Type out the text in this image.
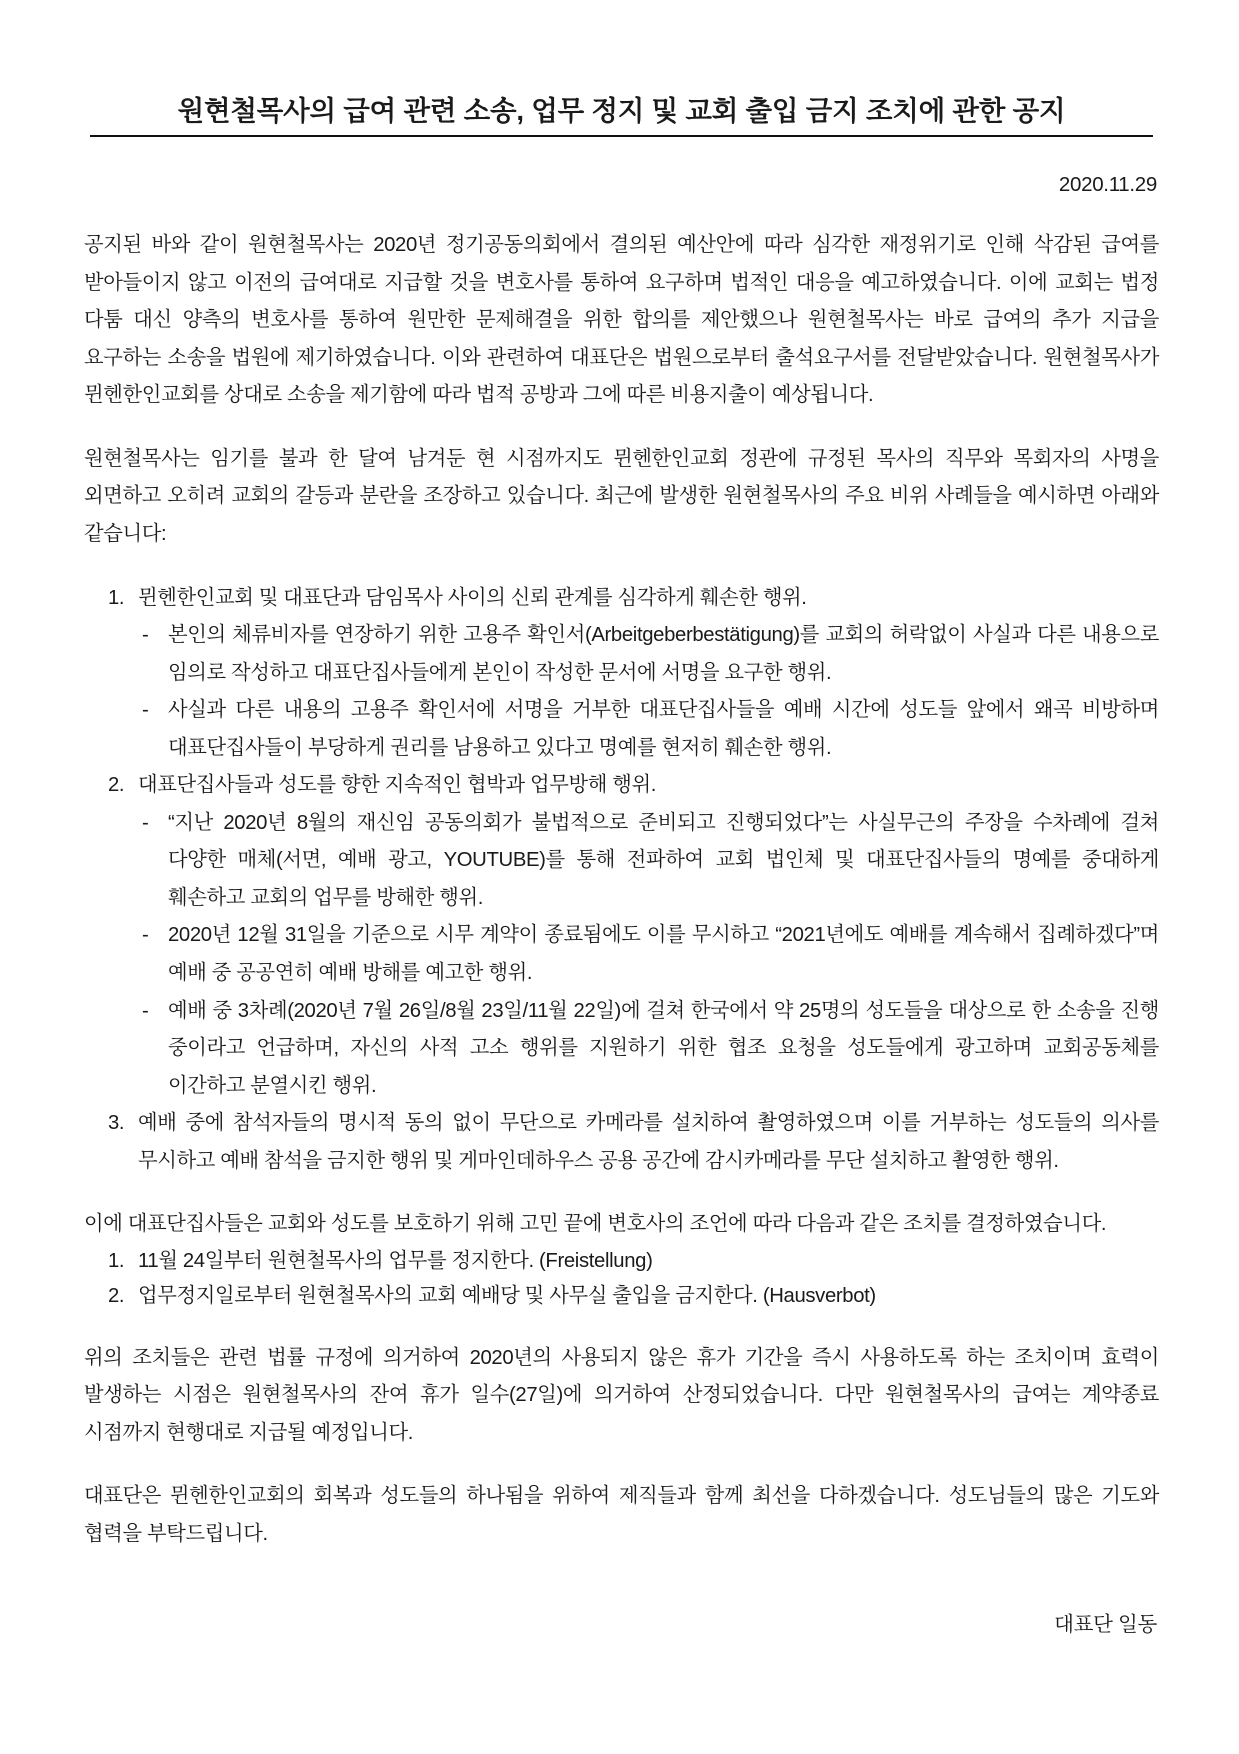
원현철목사의 급여 관련 소송, 업무 정지 및 교회 출입 금지 조치에 관한 공지
2020.11.29

공지된 바와 같이 원현철목사는 2020년 정기공동의회에서 결의된 예산안에 따라 심각한 재정위기로 인해 삭감된 급여를 받아들이지 않고 이전의 급여대로 지급할 것을 변호사를 통하여 요구하며 법적인 대응을 예고하였습니다. 이에 교회는 법정 다툼 대신 양측의 변호사를 통하여 원만한 문제해결을 위한 합의를 제안했으나 원현철목사는 바로 급여의 추가 지급을 요구하는 소송을 법원에 제기하였습니다. 이와 관련하여 대표단은 법원으로부터 출석요구서를 전달받았습니다. 원현철목사가 뮌헨한인교회를 상대로 소송을 제기함에 따라 법적 공방과 그에 따른 비용지출이 예상됩니다.

원현철목사는 임기를 불과 한 달여 남겨둔 현 시점까지도 뮌헨한인교회 정관에 규정된 목사의 직무와 목회자의 사명을 외면하고 오히려 교회의 갈등과 분란을 조장하고 있습니다. 최근에 발생한 원현철목사의 주요 비위 사례들을 예시하면 아래와 같습니다:

1. 뮌헨한인교회 및 대표단과 담임목사 사이의 신뢰 관계를 심각하게 훼손한 행위.
- 본인의 체류비자를 연장하기 위한 고용주 확인서(Arbeitgeberbestätigung)를 교회의 허락없이 사실과 다른 내용으로 임의로 작성하고 대표단집사들에게 본인이 작성한 문서에 서명을 요구한 행위.
- 사실과 다른 내용의 고용주 확인서에 서명을 거부한 대표단집사들을 예배 시간에 성도들 앞에서 왜곡 비방하며 대표단집사들이 부당하게 권리를 남용하고 있다고 명예를 현저히 훼손한 행위.
2. 대표단집사들과 성도를 향한 지속적인 협박과 업무방해 행위.
- “지난 2020년 8월의 재신임 공동의회가 불법적으로 준비되고 진행되었다”는 사실무근의 주장을 수차례에 걸쳐 다양한 매체(서면, 예배 광고, YOUTUBE)를 통해 전파하여 교회 법인체 및 대표단집사들의 명예를 중대하게 훼손하고 교회의 업무를 방해한 행위.
- 2020년 12월 31일을 기준으로 시무 계약이 종료됨에도 이를 무시하고 “2021년에도 예배를 계속해서 집례하겠다”며 예배 중 공공연히 예배 방해를 예고한 행위.
- 예배 중 3차례(2020년 7월 26일/8월 23일/11월 22일)에 걸쳐 한국에서 약 25명의 성도들을 대상으로 한 소송을 진행 중이라고 언급하며, 자신의 사적 고소 행위를 지원하기 위한 협조 요청을 성도들에게 광고하며 교회공동체를 이간하고 분열시킨 행위.
3. 예배 중에 참석자들의 명시적 동의 없이 무단으로 카메라를 설치하여 촬영하였으며 이를 거부하는 성도들의 의사를 무시하고 예배 참석을 금지한 행위 및 게마인데하우스 공용 공간에 감시카메라를 무단 설치하고 촬영한 행위.

이에 대표단집사들은 교회와 성도를 보호하기 위해 고민 끝에 변호사의 조언에 따라 다음과 같은 조치를 결정하였습니다.

1. 11월 24일부터 원현철목사의 업무를 정지한다. (Freistellung)
2. 업무정지일로부터 원현철목사의 교회 예배당 및 사무실 출입을 금지한다. (Hausverbot)

위의 조치들은 관련 법률 규정에 의거하여 2020년의 사용되지 않은 휴가 기간을 즉시 사용하도록 하는 조치이며 효력이 발생하는 시점은 원현철목사의 잔여 휴가 일수(27일)에 의거하여 산정되었습니다. 다만 원현철목사의 급여는 계약종료 시점까지 현행대로 지급될 예정입니다.

대표단은 뮌헨한인교회의 회복과 성도들의 하나됨을 위하여 제직들과 함께 최선을 다하겠습니다. 성도님들의 많은 기도와 협력을 부탁드립니다.

대표단 일동
